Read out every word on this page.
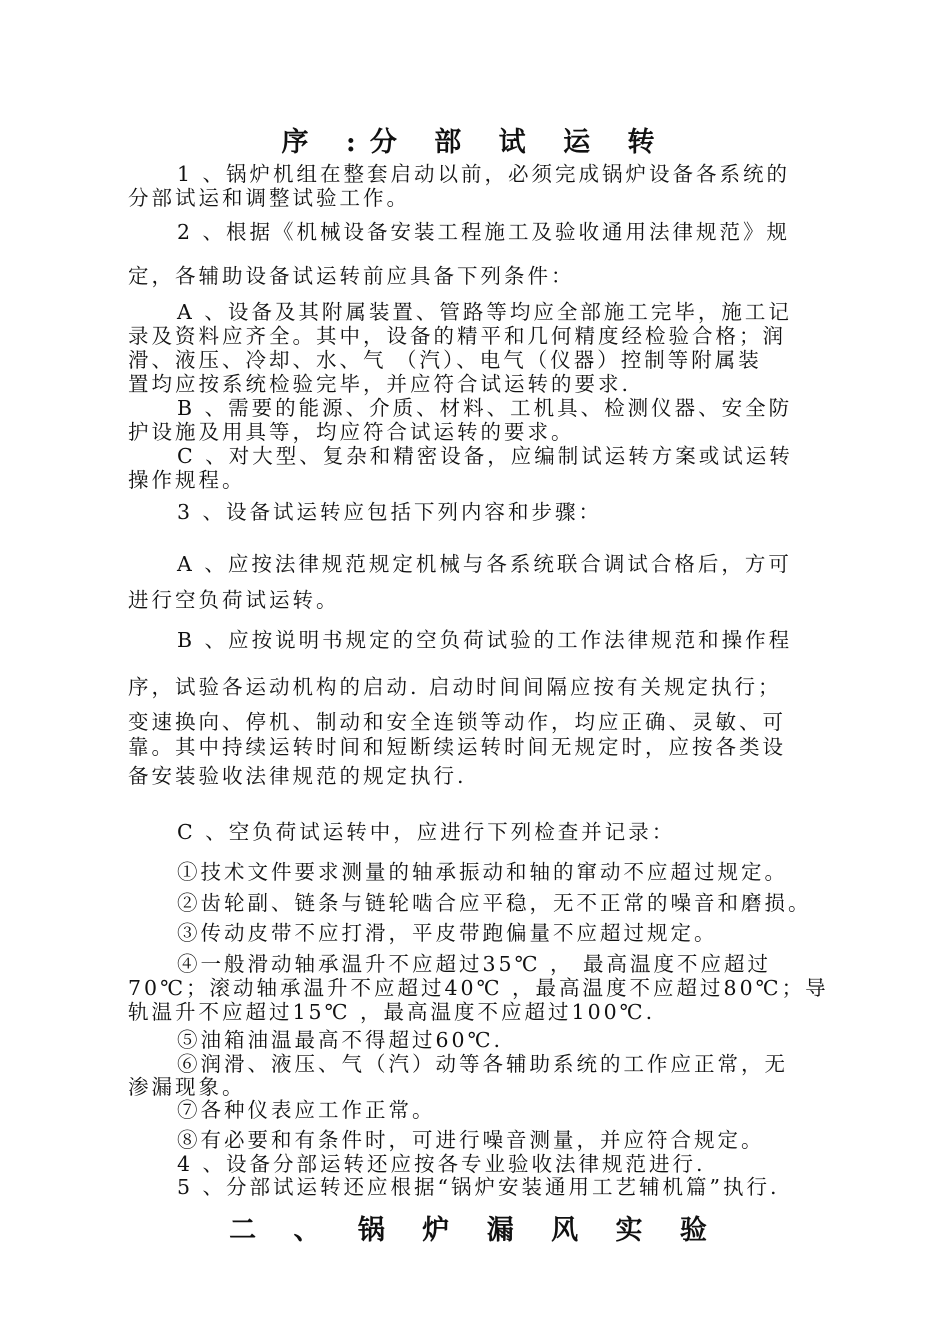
序 :分 部 试 运 转
1 、锅炉机组在整套启动以前，必须完成锅炉设备各系统的
分部试运和调整试验工作。
2 、根据《机械设备安装工程施工及验收通用法律规范》规
定，各辅助设备试运转前应具备下列条件：
A 、设备及其附属装置、管路等均应全部施工完毕，施工记
录及资料应齐全。其中，设备的精平和几何精度经检验合格；润
滑、液压、冷却、水、气 （汽）、电气（仪器）控制等附属装
置均应按系统检验完毕，并应符合试运转的要求.
B 、需要的能源、介质、材料、工机具、检测仪器、安全防
护设施及用具等，均应符合试运转的要求。
C 、对大型、复杂和精密设备，应编制试运转方案或试运转
操作规程。
3 、设备试运转应包括下列内容和步骤：
A 、应按法律规范规定机械与各系统联合调试合格后，方可
进行空负荷试运转。
B 、应按说明书规定的空负荷试验的工作法律规范和操作程
序，试验各运动机构的启动. 启动时间间隔应按有关规定执行；
变速换向、停机、制动和安全连锁等动作，均应正确、灵敏、可
靠。其中持续运转时间和短断续运转时间无规定时，应按各类设
备安装验收法律规范的规定执行.
C 、空负荷试运转中，应进行下列检查并记录：
①技术文件要求测量的轴承振动和轴的窜动不应超过规定。
②齿轮副、链条与链轮啮合应平稳，无不正常的噪音和磨损。
③传动皮带不应打滑，平皮带跑偏量不应超过规定。
④一般滑动轴承温升不应超过35℃ ， 最高温度不应超过
70℃；滚动轴承温升不应超过40℃ ，最高温度不应超过80℃；导
轨温升不应超过15℃ ，最高温度不应超过100℃.
⑤油箱油温最高不得超过60℃.
⑥润滑、液压、气（汽）动等各辅助系统的工作应正常，无
渗漏现象。
⑦各种仪表应工作正常。
⑧有必要和有条件时，可进行噪音测量，并应符合规定。
4 、设备分部运转还应按各专业验收法律规范进行.
5 、分部试运转还应根据“锅炉安装通用工艺辅机篇”执行.
二 、 锅 炉 漏 风 实 验
